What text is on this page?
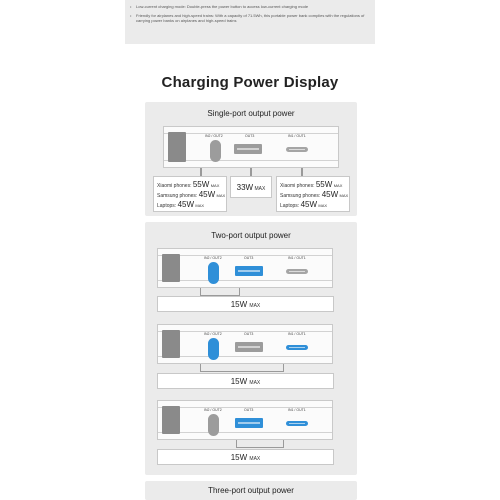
• Low-current charging mode: Double-press the power button to access low-current charging mode
• Friendly for airplanes and high-speed trains: With a capacity of 71.5Wh, this portable power bank complies with the regulations of carrying power banks on airplanes and high-speed trains
Charging Power Display
Single-port output power
IN2 / OUT2	OUT3	IN1 / OUT1
Xiaomi phones: 55W MAX
Samsung phones: 45W MAX
Laptops: 45W MAX
33W MAX	Xiaomi phones: 55W MAX
Samsung phones: 45W MAX
Laptops: 45W MAX
Two-port output power
IN2 / OUT2	OUT3	IN1 / OUT1
15W MAX
IN2 / OUT2	OUT3	IN1 / OUT1
15W MAX
IN2 / OUT2	OUT3	IN1 / OUT1
15W MAX
Three-port output power
